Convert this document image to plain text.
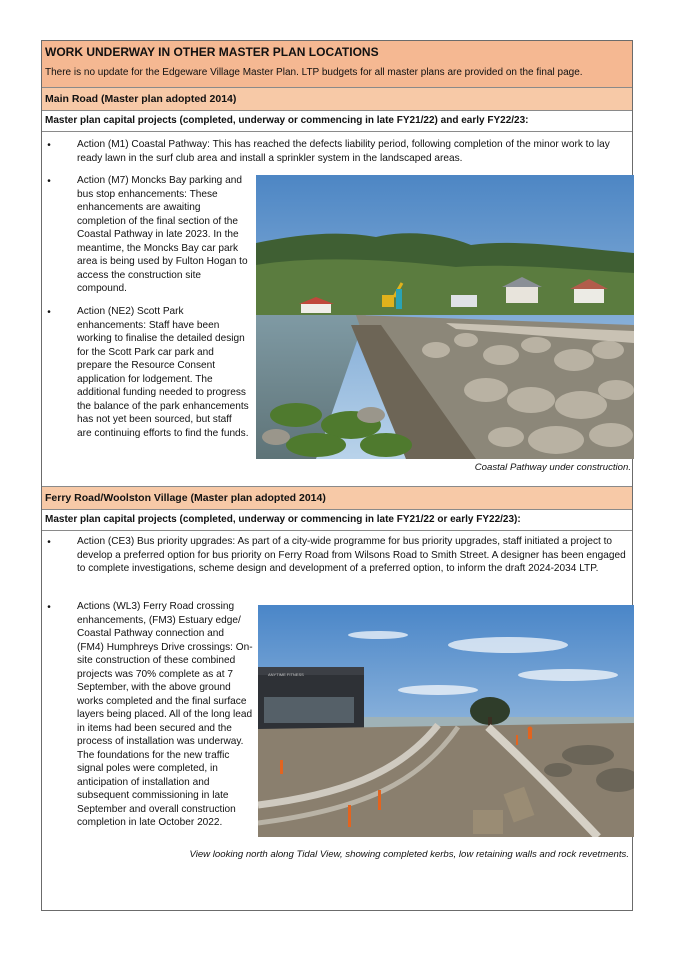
WORK UNDERWAY IN OTHER MASTER PLAN LOCATIONS
There is no update for the Edgeware Village Master Plan. LTP budgets for all master plans are provided on the final page.
Main Road (Master plan adopted 2014)
Master plan capital projects (completed, underway or commencing in late FY21/22) and early FY22/23:
•	Action (M1) Coastal Pathway: This has reached the defects liability period, following completion of the minor work to lay ready lawn in the surf club area and install a sprinkler system in the landscaped areas.
•	Action (M7) Moncks Bay parking and bus stop enhancements: These enhancements are awaiting completion of the final section of the Coastal Pathway in late 2023. In the meantime, the Moncks Bay car park area is being used by Fulton Hogan to access the construction site compound.
•	Action (NE2) Scott Park enhancements: Staff have been working to finalise the detailed design for the Scott Park car park and prepare the Resource Consent application for lodgement. The additional funding needed to progress the balance of the park enhancements has not yet been sourced, but staff are continuing efforts to find the funds.
Coastal Pathway under construction.
Ferry Road/Woolston Village (Master plan adopted 2014)
Master plan capital projects (completed, underway or commencing in late FY21/22 or early FY22/23):
•	Action (CE3) Bus priority upgrades: As part of a city-wide programme for bus priority upgrades, staff initiated a project to develop a preferred option for bus priority on Ferry Road from Wilsons Road to Smith Street. A designer has been engaged to complete investigations, scheme design and development of a preferred option, to inform the draft 2024-2034 LTP.
•	Actions (WL3) Ferry Road crossing enhancements, (FM3) Estuary edge/ Coastal Pathway connection and (FM4) Humphreys Drive crossings: On-site construction of these combined projects was 70% complete as at 7 September, with the above ground works completed and the final surface layers being placed. All of the long lead in items had been secured and the process of installation was underway. The foundations for the new traffic signal poles were completed, in anticipation of installation and subsequent commissioning in late September and overall construction completion in late October 2022.
ANYTIME FITNESS
View looking north along Tidal View, showing completed kerbs, low retaining walls and rock revetments.
